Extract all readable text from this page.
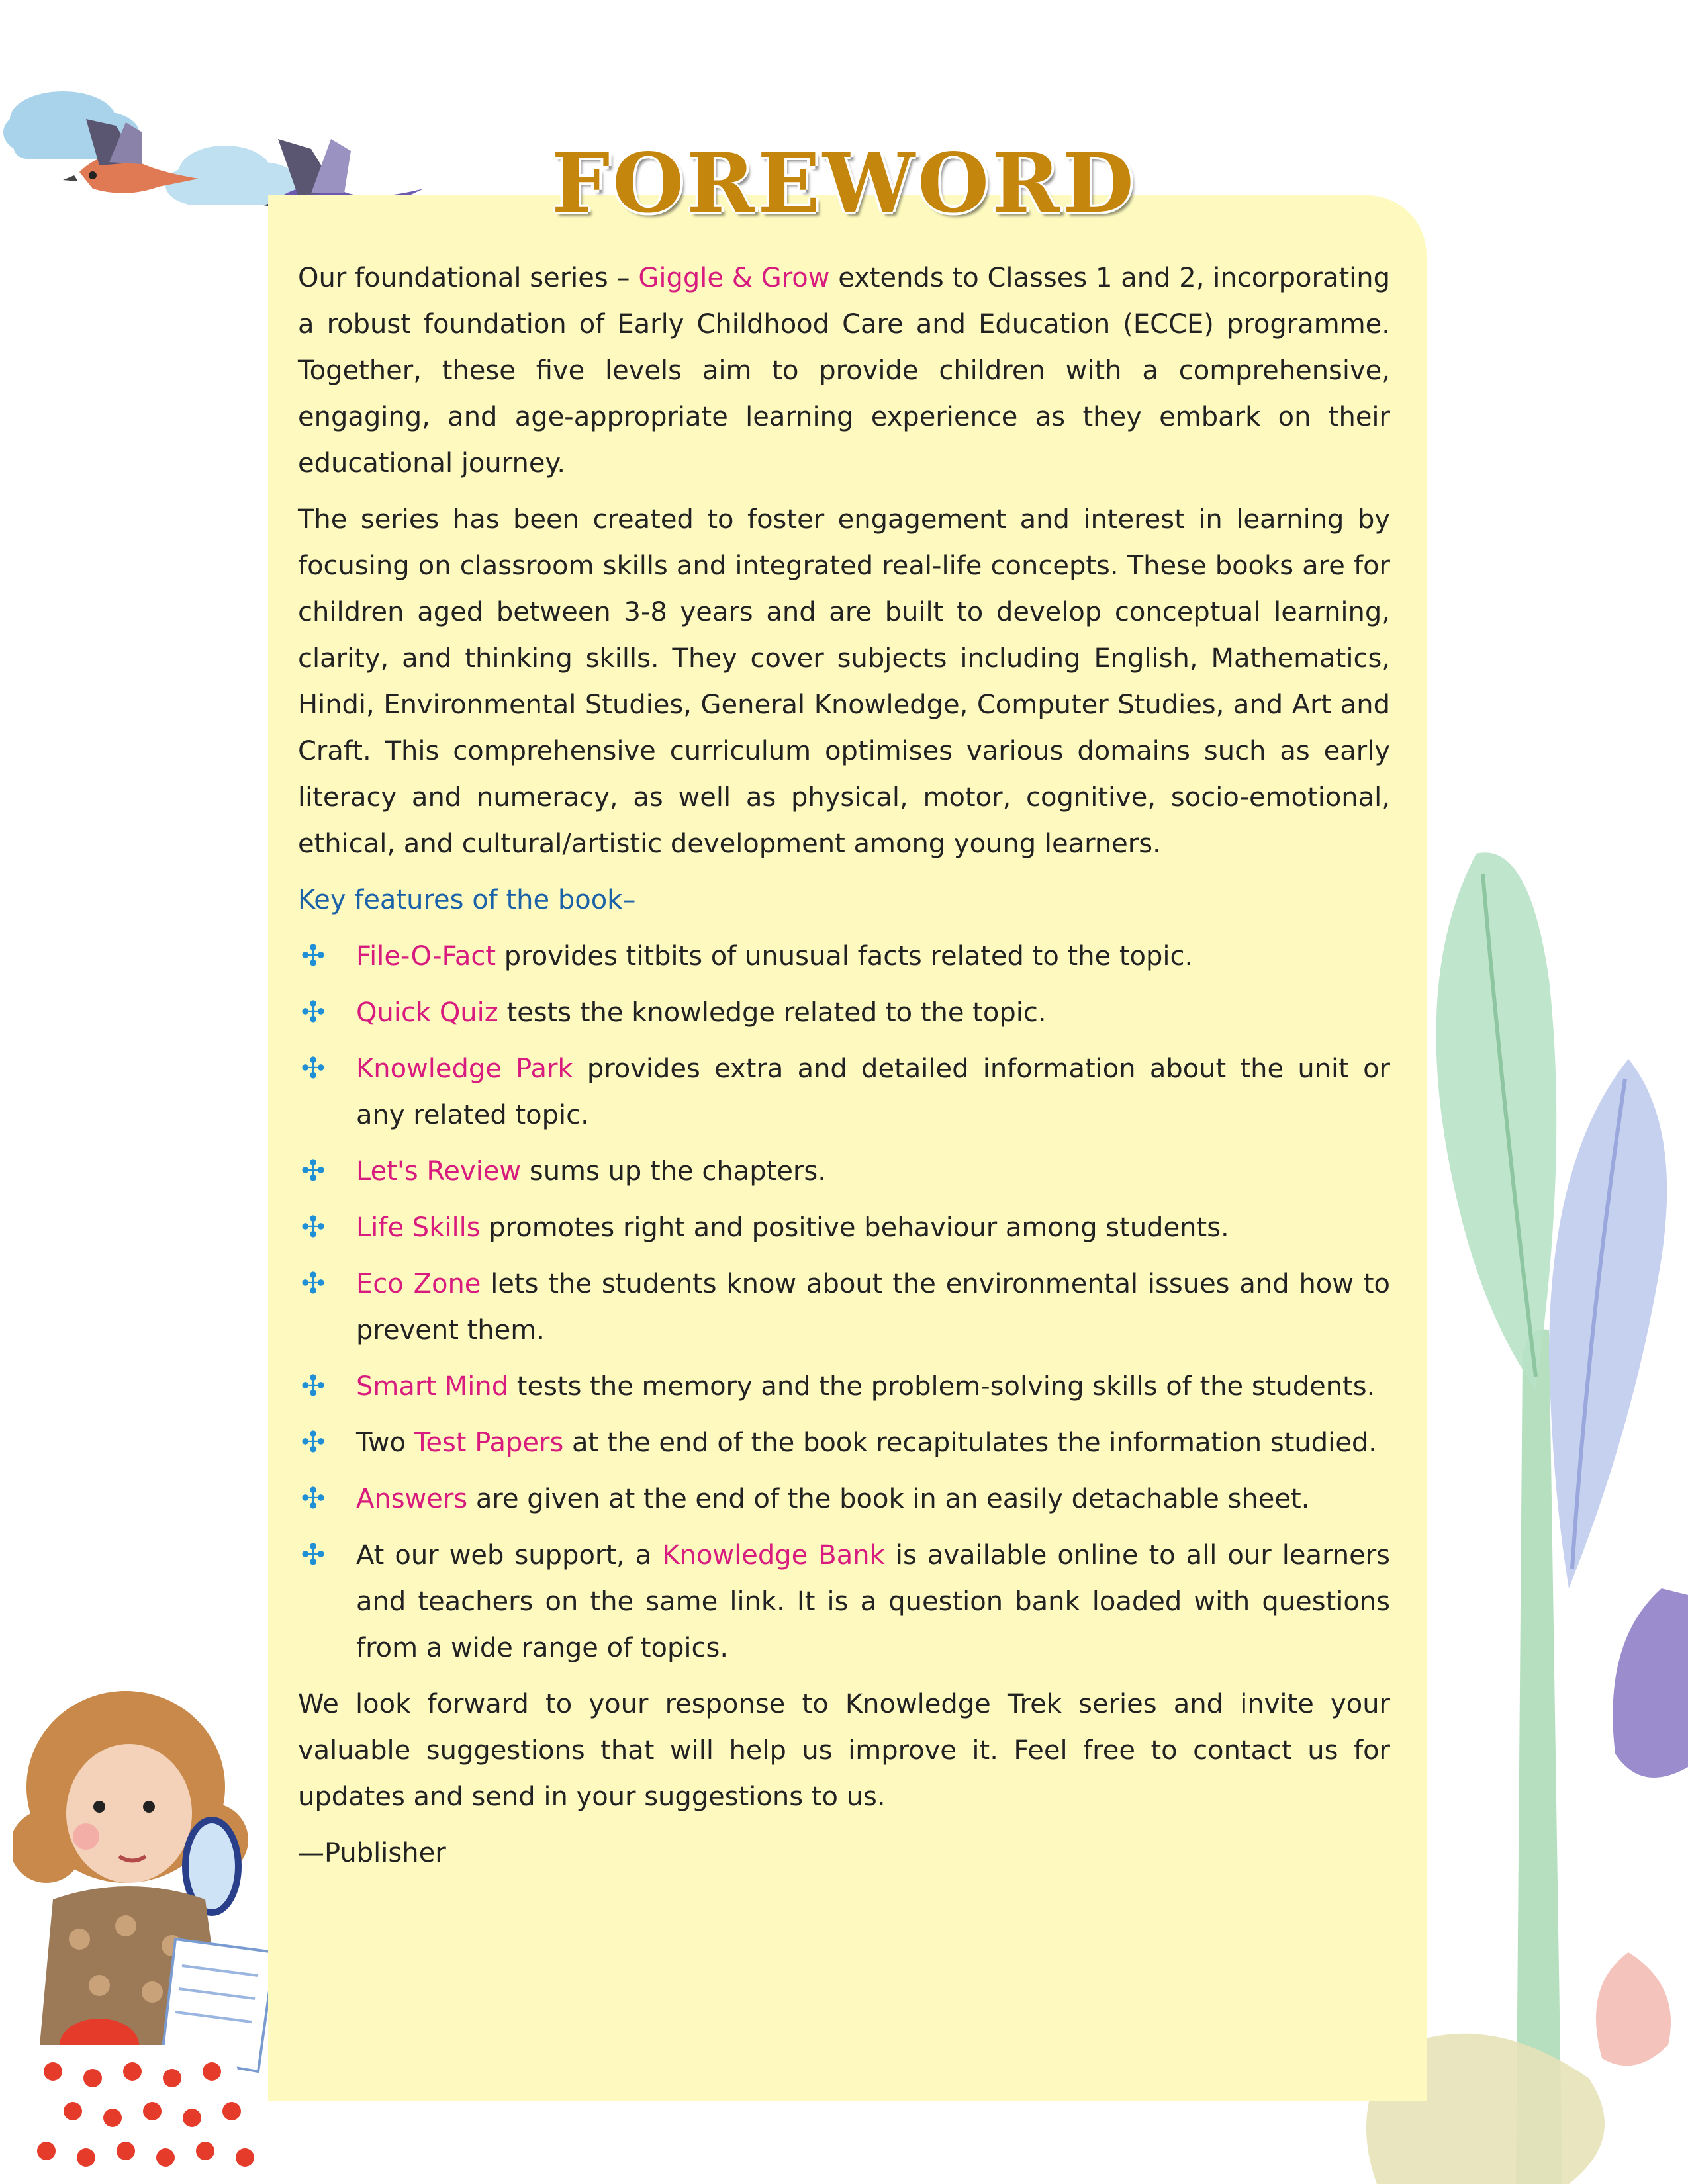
FOREWORD

Our foundational series – Giggle & Grow extends to Classes 1 and 2, incorporating a robust foundation of Early Childhood Care and Education (ECCE) programme. Together, these five levels aim to provide children with a comprehensive, engaging, and age-appropriate learning experience as they embark on their educational journey.

The series has been created to foster engagement and interest in learning by focusing on classroom skills and integrated real-life concepts. These books are for children aged between 3-8 years and are built to develop conceptual learning, clarity, and thinking skills. They cover subjects including English, Mathematics, Hindi, Environmental Studies, General Knowledge, Computer Studies, and Art and Craft. This comprehensive curriculum optimises various domains such as early literacy and numeracy, as well as physical, motor, cognitive, socio-emotional, ethical, and cultural/artistic development among young learners.

Key features of the book–

✣ File-O-Fact provides titbits of unusual facts related to the topic.
✣ Quick Quiz tests the knowledge related to the topic.
✣ Knowledge Park provides extra and detailed information about the unit or any related topic.
✣ Let's Review sums up the chapters.
✣ Life Skills promotes right and positive behaviour among students.
✣ Eco Zone lets the students know about the environmental issues and how to prevent them.
✣ Smart Mind tests the memory and the problem-solving skills of the students.
✣ Two Test Papers at the end of the book recapitulates the information studied.
✣ Answers are given at the end of the book in an easily detachable sheet.
✣ At our web support, a Knowledge Bank is available online to all our learners and teachers on the same link. It is a question bank loaded with questions from a wide range of topics.

We look forward to your response to Knowledge Trek series and invite your valuable suggestions that will help us improve it. Feel free to contact us for updates and send in your suggestions to us.

—Publisher
